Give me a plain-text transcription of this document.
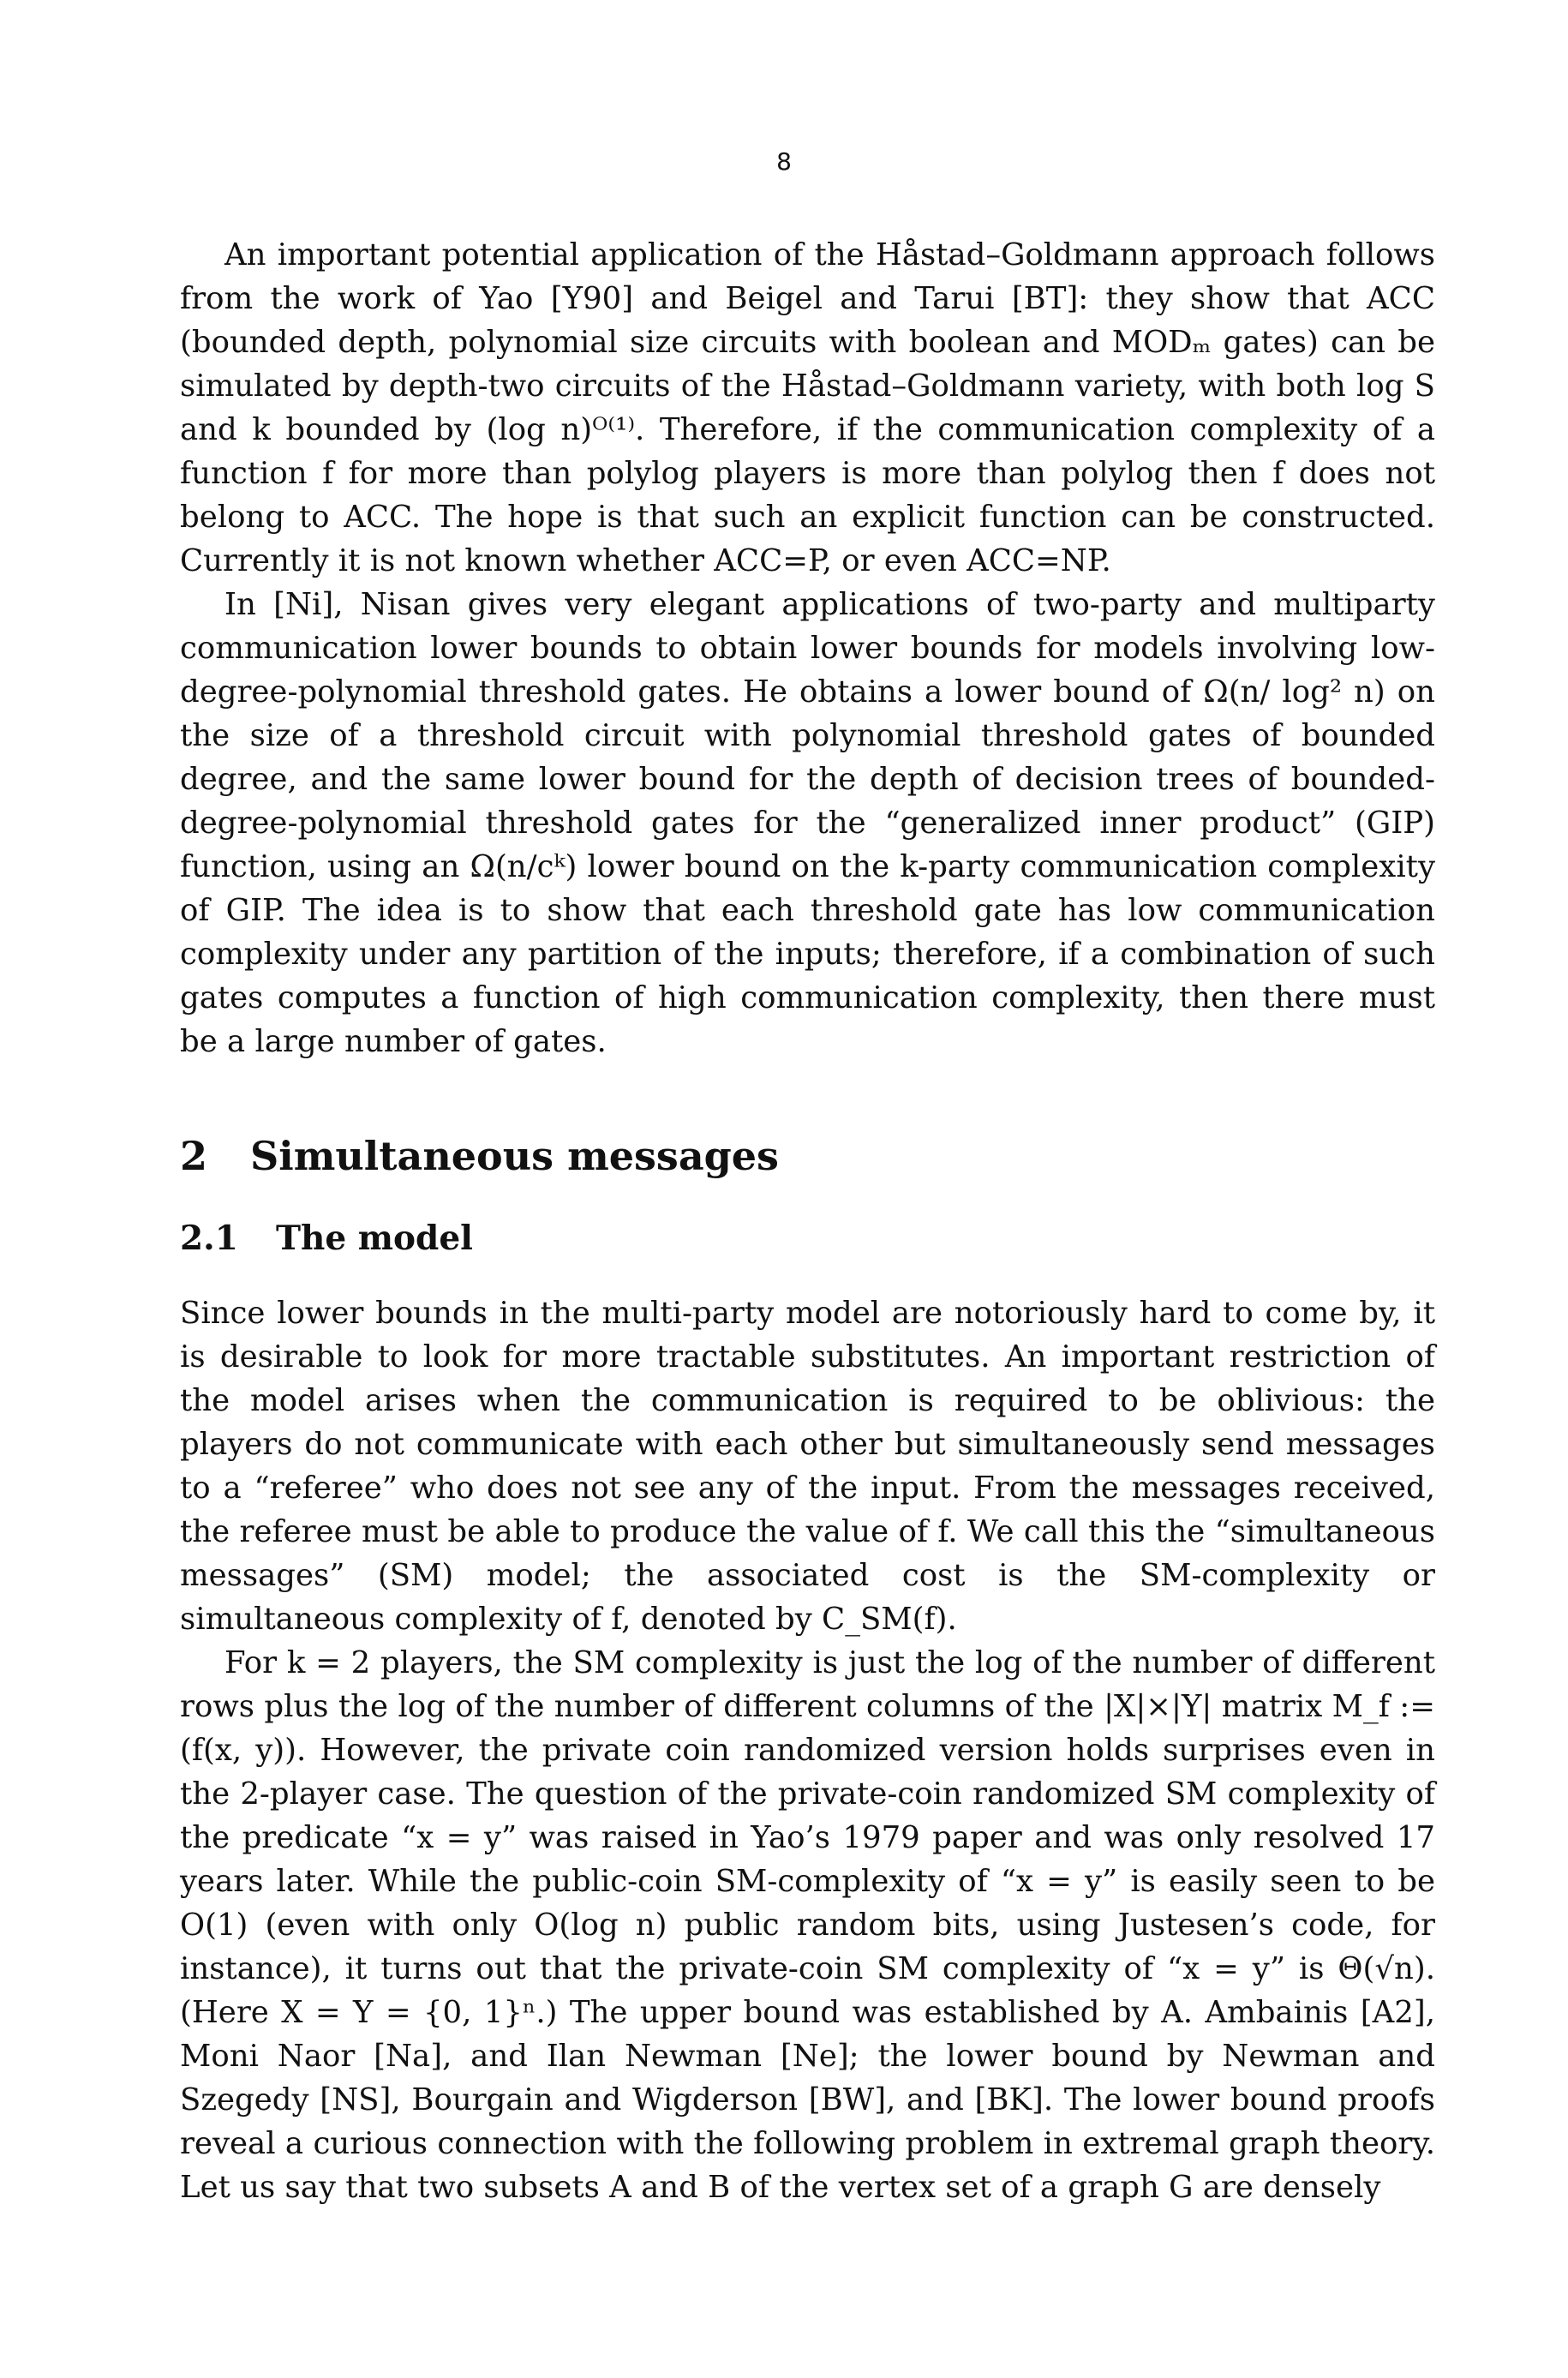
8

An important potential application of the Håstad–Goldmann approach follows from the work of Yao [Y90] and Beigel and Tarui [BT]: they show that ACC (bounded depth, polynomial size circuits with boolean and MODₘ gates) can be simulated by depth-two circuits of the Håstad–Goldmann variety, with both log S and k bounded by (log n)ᴼ⁽¹⁾. Therefore, if the communication complexity of a function f for more than polylog players is more than polylog then f does not belong to ACC. The hope is that such an explicit function can be constructed. Currently it is not known whether ACC=P, or even ACC=NP.

In [Ni], Nisan gives very elegant applications of two-party and multiparty communication lower bounds to obtain lower bounds for models involving low-degree-polynomial threshold gates. He obtains a lower bound of Ω(n/ log² n) on the size of a threshold circuit with polynomial threshold gates of bounded degree, and the same lower bound for the depth of decision trees of bounded-degree-polynomial threshold gates for the “generalized inner product” (GIP) function, using an Ω(n/cᵏ) lower bound on the k-party communication complexity of GIP. The idea is to show that each threshold gate has low communication complexity under any partition of the inputs; therefore, if a combination of such gates computes a function of high communication complexity, then there must be a large number of gates.

2 Simultaneous messages
2.1 The model

Since lower bounds in the multi-party model are notoriously hard to come by, it is desirable to look for more tractable substitutes. An important restriction of the model arises when the communication is required to be oblivious: the players do not communicate with each other but simultaneously send messages to a “referee” who does not see any of the input. From the messages received, the referee must be able to produce the value of f. We call this the “simultaneous messages” (SM) model; the associated cost is the SM-complexity or simultaneous complexity of f, denoted by C_SM(f).

For k = 2 players, the SM complexity is just the log of the number of different rows plus the log of the number of different columns of the |X|×|Y| matrix M_f := (f(x, y)). However, the private coin randomized version holds surprises even in the 2-player case. The question of the private-coin randomized SM complexity of the predicate “x = y” was raised in Yao’s 1979 paper and was only resolved 17 years later. While the public-coin SM-complexity of “x = y” is easily seen to be O(1) (even with only O(log n) public random bits, using Justesen’s code, for instance), it turns out that the private-coin SM complexity of “x = y” is Θ(√n). (Here X = Y = {0, 1}ⁿ.) The upper bound was established by A. Ambainis [A2], Moni Naor [Na], and Ilan Newman [Ne]; the lower bound by Newman and Szegedy [NS], Bourgain and Wigderson [BW], and [BK]. The lower bound proofs reveal a curious connection with the following problem in extremal graph theory. Let us say that two subsets A and B of the vertex set of a graph G are densely
